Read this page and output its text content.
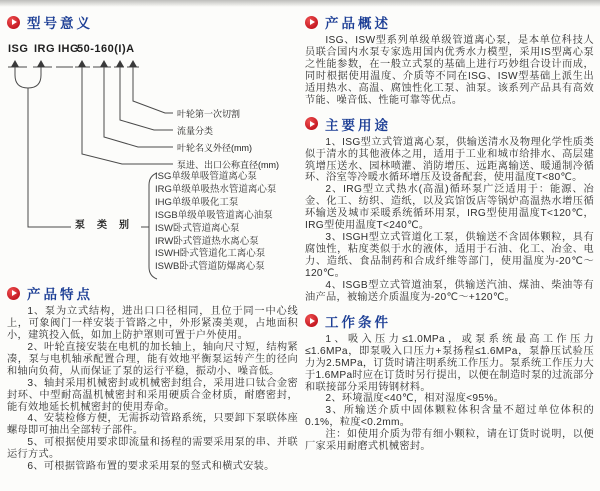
型号意义
ISG IRG IHG
50-160(I)A
叶轮第一次切割
流量分类
叶轮名义外径(mm)
泵进、出口公称直径(mm)
泵类别
ISG单级单吸管道离心泵
IRG单级单吸热水管道离心泵
IHG单级单吸化工泵
ISGB单级单吸管道离心油泵
ISW卧式管道离心泵
IRW卧式管道热水离心泵
ISWH卧式管道化工离心泵
ISWB卧式管道防爆离心泵
产品特点

1、泵为立式结构，进出口口径相同，且位于同一中心线上，可象阀门一样安装于管路之中，外形紧凑美观，占地面积小，建筑投入低，如加上防护罩则可置于户外使用。

2、叶轮直接安装在电机的加长轴上，轴向尺寸短，结构紧凑，泵与电机轴承配置合理，能有效地平衡泵运转产生的径向和轴向负荷，从而保证了泵的运行平稳，振动小、噪音低。

3、轴封采用机械密封或机械密封组合，采用进口钛合金密封环、中型耐高温机械密封和采用硬质合金材质，耐磨密封，能有效地延长机械密封的使用寿命。

4、安装检修方便，无需拆动管路系统，只要卸下泵联体座螺母即可抽出全部转子部件。

5、可根据使用要求即流量和扬程的需要采用泵的串、并联运行方式。

6、可根据管路布置的要求采用泵的竖式和横式安装。

产品概述

ISG、ISW型系列单级单级管道离心泵，是本单位科技人员联合国内水泵专家选用国内优秀水力模型，采用IS型离心泵之性能参数，在一般立式泵的基础上进行巧妙组合设计而成，同时根据使用温度、介质等不同在ISG、ISW型基础上派生出适用热水、高温、腐蚀性化工泵、油泵。该系列产品具有高效节能、噪音低、性能可靠等优点。

主要用途

1、ISG型立式管道离心泵，供输送清水及物理化学性质类似于清水的其他液体之用，适用于工业和城市给排水、高层建筑增压送水、园林喷灌、消防增压、远距离输送、暖通制冷循环、浴室等冷暖水循环增压及设备配套，使用温度T<80℃。

2、IRG型立式热水(高温)循环泵广泛适用于：能源、冶金、化工、纺织、造纸，以及宾馆饭店等锅炉高温热水增压循环输送及城市采暖系统循环用泵，IRG型使用温度T<120℃，IRG型使用温度T<240℃。

3、ISGH型立式管道化工泵，供输送不含固体颗粒，具有腐蚀性，粘度类似于水的液体，适用于石油、化工、冶金、电力、造纸、食品制药和合成纤维等部门，使用温度为-20℃～120℃。

4、ISGB型立式管道油泵，供输送汽油、煤油、柴油等有油产品，被输送介质温度为-20℃～+120℃。

工作条件

1、吸入压力≤1.0MPa，或泵系统最高工作压力≤1.6MPa，即泵吸入口压力+泵扬程≤1.6MPa，泵静压试验压力为2.5MPa，订货时请注明系统工作压力。泵系统工作压力大于1.6MPa时应在订货时另行提出，以便在制造时泵的过流部分和联接部分采用铸钢材料。

2、环境温度<40℃，相对湿度<95%。

3、所输送介质中固体颗粒体积含量不超过单位体积的0.1%，粒度<0.2mm。

注：如使用介质为带有细小颗粒，请在订货时说明，以便厂家采用耐磨式机械密封。
